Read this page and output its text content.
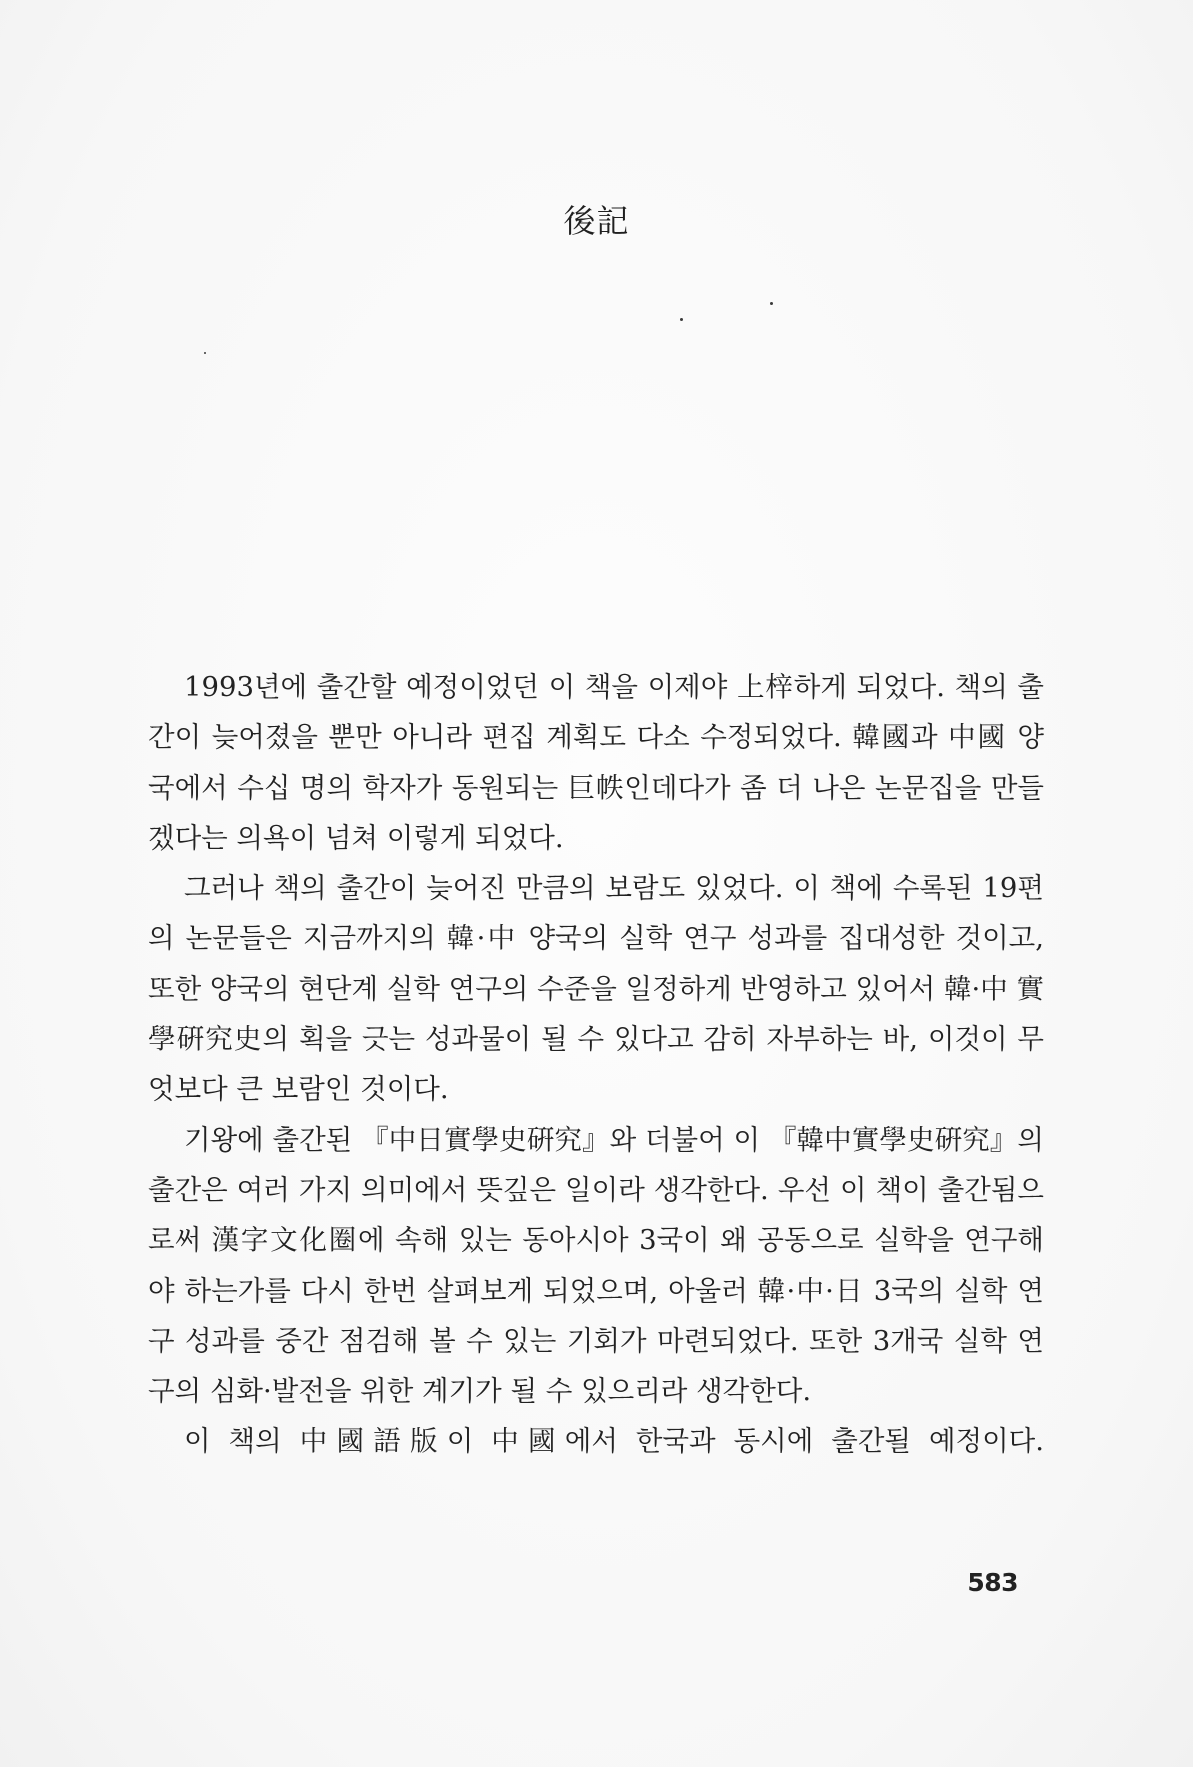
後記

1993년에 출간할 예정이었던 이 책을 이제야 上梓하게 되었다. 책의 출간이 늦어졌을 뿐만 아니라 편집 계획도 다소 수정되었다. 韓國과 中國 양국에서 수십 명의 학자가 동원되는 巨帙인데다가 좀 더 나은 논문집을 만들겠다는 의욕이 넘쳐 이렇게 되었다.

그러나 책의 출간이 늦어진 만큼의 보람도 있었다. 이 책에 수록된 19편의 논문들은 지금까지의 韓·中 양국의 실학 연구 성과를 집대성한 것이고, 또한 양국의 현단계 실학 연구의 수준을 일정하게 반영하고 있어서 韓·中 實學硏究史의 획을 긋는 성과물이 될 수 있다고 감히 자부하는 바, 이것이 무엇보다 큰 보람인 것이다.

기왕에 출간된 『中日實學史硏究』와 더불어 이 『韓中實學史硏究』의 출간은 여러 가지 의미에서 뜻깊은 일이라 생각한다. 우선 이 책이 출간됨으로써 漢字文化圈에 속해 있는 동아시아 3국이 왜 공동으로 실학을 연구해야 하는가를 다시 한번 살펴보게 되었으며, 아울러 韓·中·日 3국의 실학 연구 성과를 중간 점검해 볼 수 있는 기회가 마련되었다. 또한 3개국 실학 연구의 심화·발전을 위한 계기가 될 수 있으리라 생각한다.

이 책의 中國語版이 中國에서 한국과 동시에 출간될 예정이다.

583
